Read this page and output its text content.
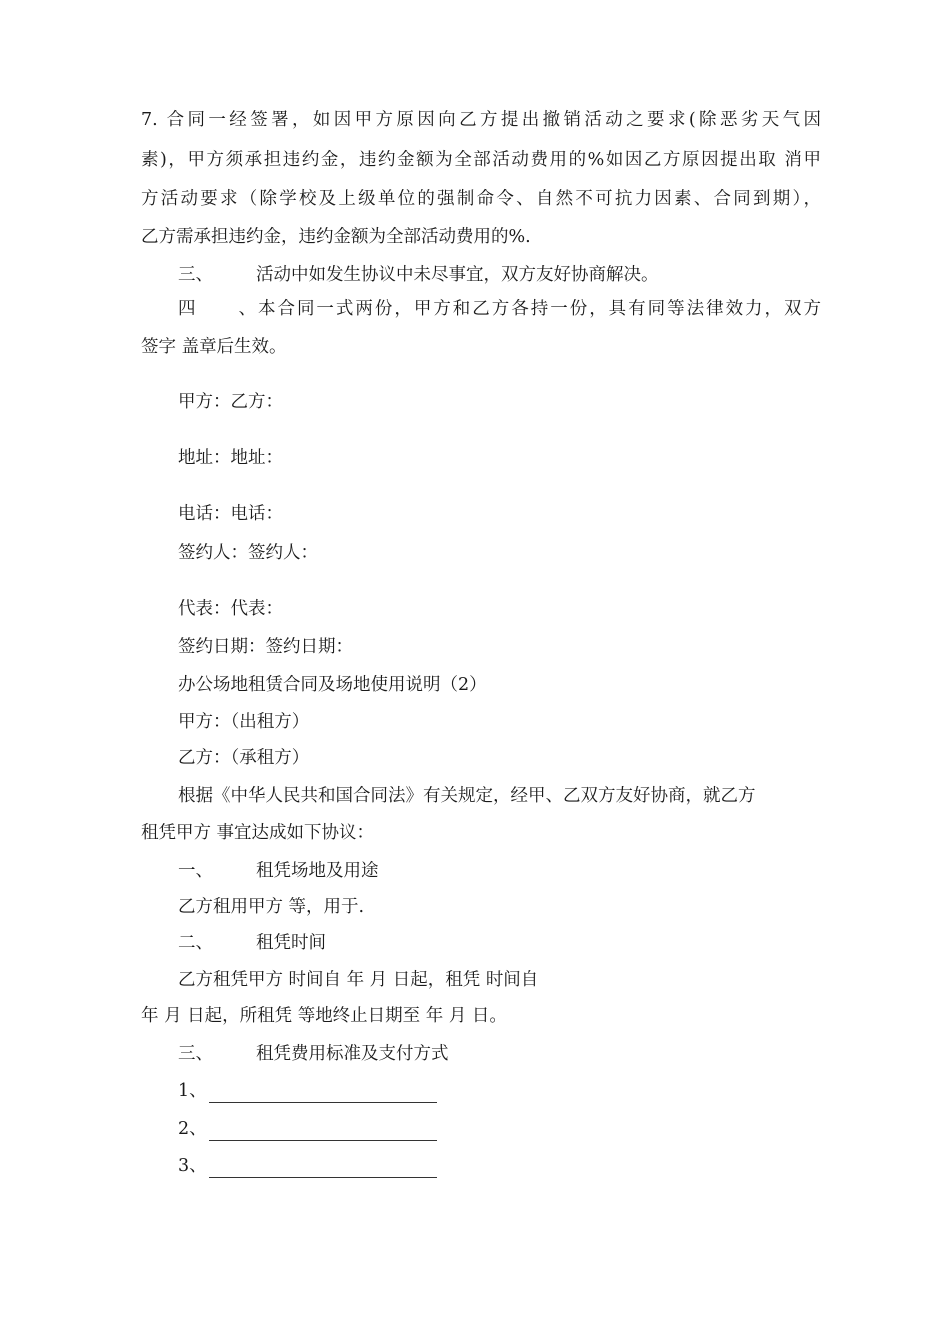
7. 合同一经签署，如因甲方原因向乙方提出撤销活动之要求(除恶劣天气因
素)，甲方须承担违约金，违约金额为全部活动费用的%如因乙方原因提出取 消甲
方活动要求（除学校及上级单位的强制命令、自然不可抗力因素、合同到期），
乙方需承担违约金，违约金额为全部活动费用的%.
三、 活动中如发生协议中未尽事宜，双方友好协商解决。
四、本合同一式两份，甲方和乙方各持一份，具有同等法律效力，双方
签字 盖章后生效。
甲方：乙方：
地址：地址：
电话：电话：
签约人：签约人：
代表：代表：
签约日期：签约日期：
办公场地租赁合同及场地使用说明（2）
甲方：（出租方）
乙方：（承租方）
根据《中华人民共和国合同法》有关规定，经甲、乙双方友好协商，就乙方
租凭甲方 事宜达成如下协议：
一、 租凭场地及用途
乙方租用甲方 等，用于.
二、 租凭时间
乙方租凭甲方 时间自 年 月 日起，租凭 时间自
年 月 日起，所租凭 等地终止日期至 年 月 日。
三、 租凭费用标准及支付方式
1、
2、
3、
